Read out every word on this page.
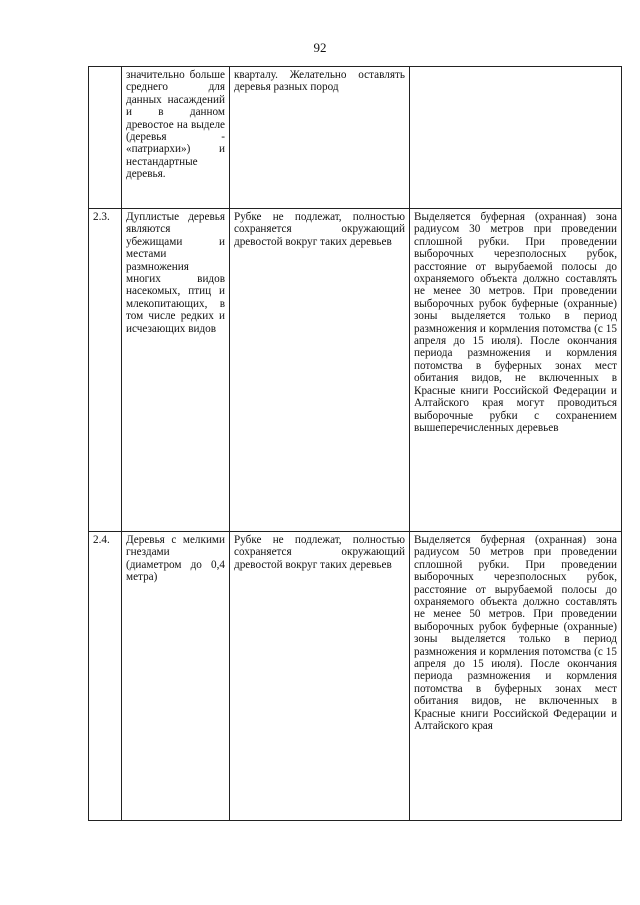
92

	значительно больше среднего для данных насаждений и в данном древостое на выделе (деревья - «патриархи») и нестандартные деревья.	кварталу. Желательно оставлять деревья разных пород	

2.3.	Дуплистые деревья являются убежищами и местами размножения многих видов насекомых, птиц и млекопитающих, в том числе редких и исчезающих видов	Рубке не подлежат, полностью сохраняется окружающий древостой вокруг таких деревьев	Выделяется буферная (охранная) зона радиусом 30 метров при проведении сплошной рубки. При проведении выборочных черезполосных рубок, расстояние от вырубаемой полосы до охраняемого объекта должно составлять не менее 30 метров. При проведении выборочных рубок буферные (охранные) зоны выделяется только в период размножения и кормления потомства (с 15 апреля до 15 июля). После окончания периода размножения и кормления потомства в буферных зонах мест обитания видов, не включенных в Красные книги Российской Федерации и Алтайского края могут проводиться выборочные рубки с сохранением вышеперечисленных деревьев

2.4.	Деревья с мелкими гнездами (диаметром до 0,4 метра)	Рубке не подлежат, полностью сохраняется окружающий древостой вокруг таких деревьев	Выделяется буферная (охранная) зона радиусом 50 метров при проведении сплошной рубки. При проведении выборочных черезполосных рубок, расстояние от вырубаемой полосы до охраняемого объекта должно составлять не менее 50 метров. При проведении выборочных рубок буферные (охранные) зоны выделяется только в период размножения и кормления потомства (с 15 апреля до 15 июля). После окончания периода размножения и кормления потомства в буферных зонах мест обитания видов, не включенных в Красные книги Российской Федерации и Алтайского края
